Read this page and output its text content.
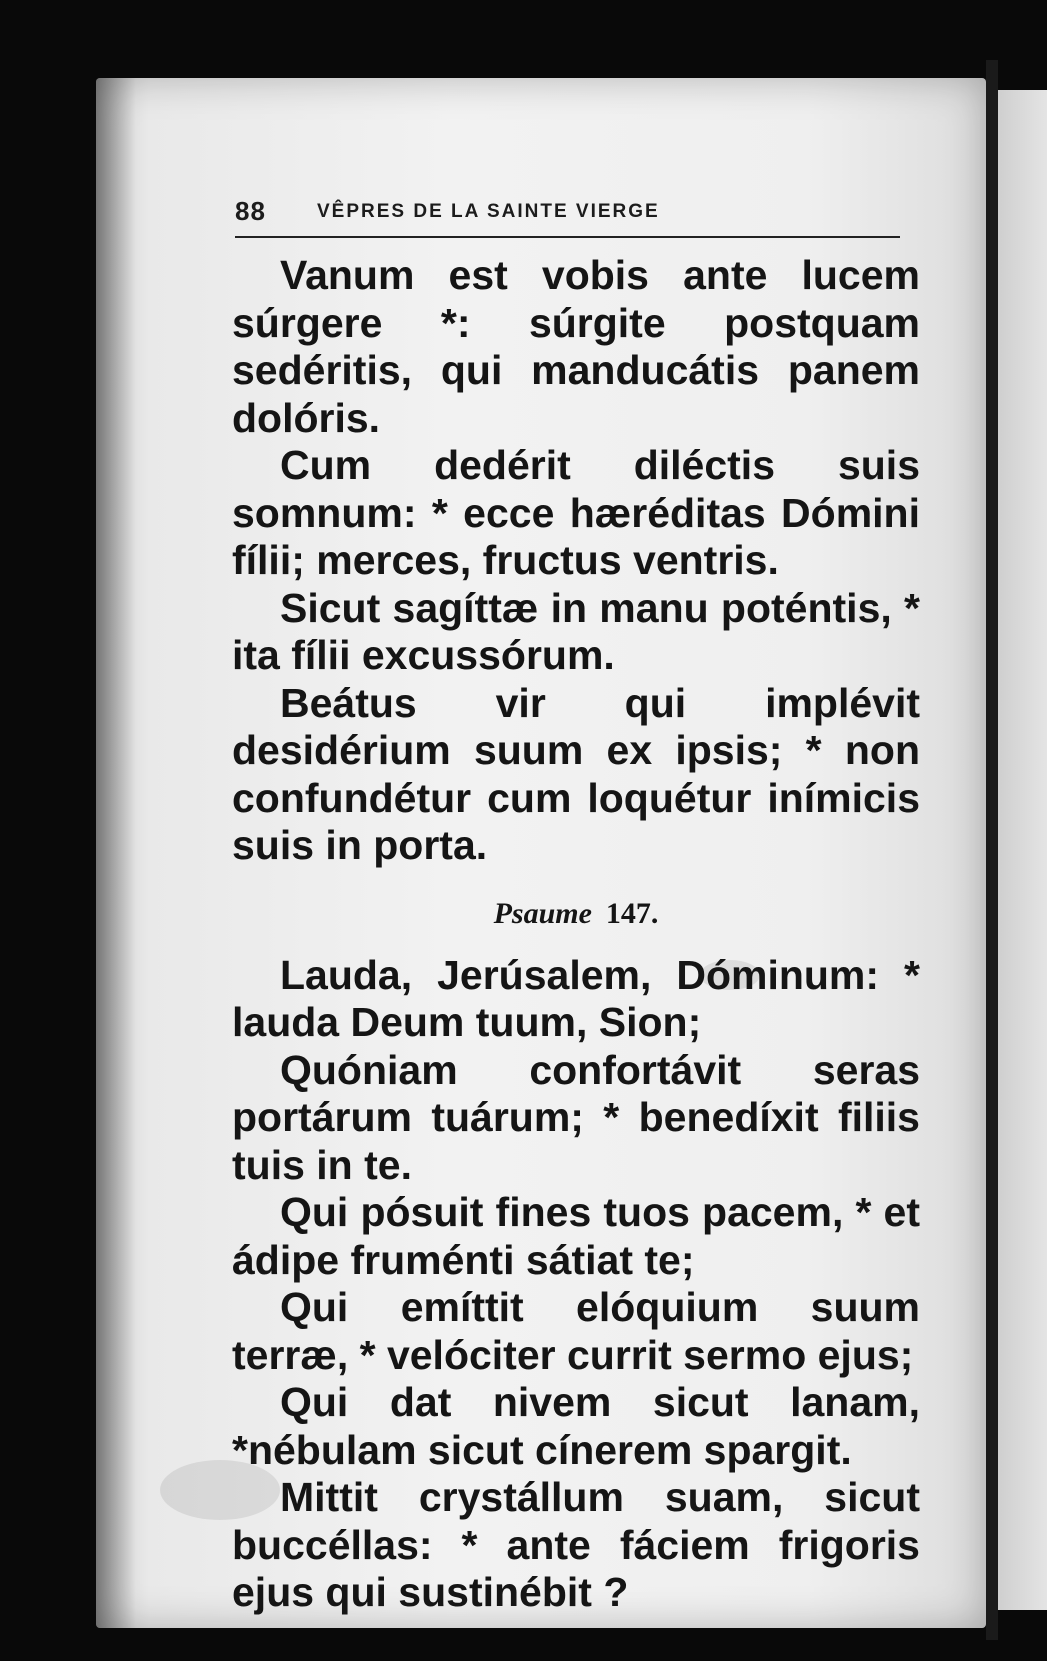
88	VÊPRES DE LA SAINTE VIERGE

Vanum est vobis ante lucem súrgere *: súrgite postquam sedéritis, qui manducátis panem dolóris.

Cum dedérit diléctis suis somnum: * ecce hæréditas Dómini fílii; merces, fructus ventris.

Sicut sagíttæ in manu poténtis, * ita fílii excussórum.

Beátus vir qui implévit desidérium suum ex ipsis; * non confundétur cum loquétur inímicis suis in porta.

Psaume 147.

Lauda, Jerúsalem, Dóminum: * lauda Deum tuum, Sion;

Quóniam confortávit seras portárum tuárum; * benedíxit filiis tuis in te.

Qui pósuit fines tuos pacem, * et ádipe fruménti sátiat te;

Qui emíttit elóquium suum terræ, * velóciter currit sermo ejus;

Qui dat nivem sicut lanam, *nébulam sicut cínerem spargit.

Mittit crystállum suam, sicut buccéllas: * ante fáciem frigoris ejus qui sustinébit ?
